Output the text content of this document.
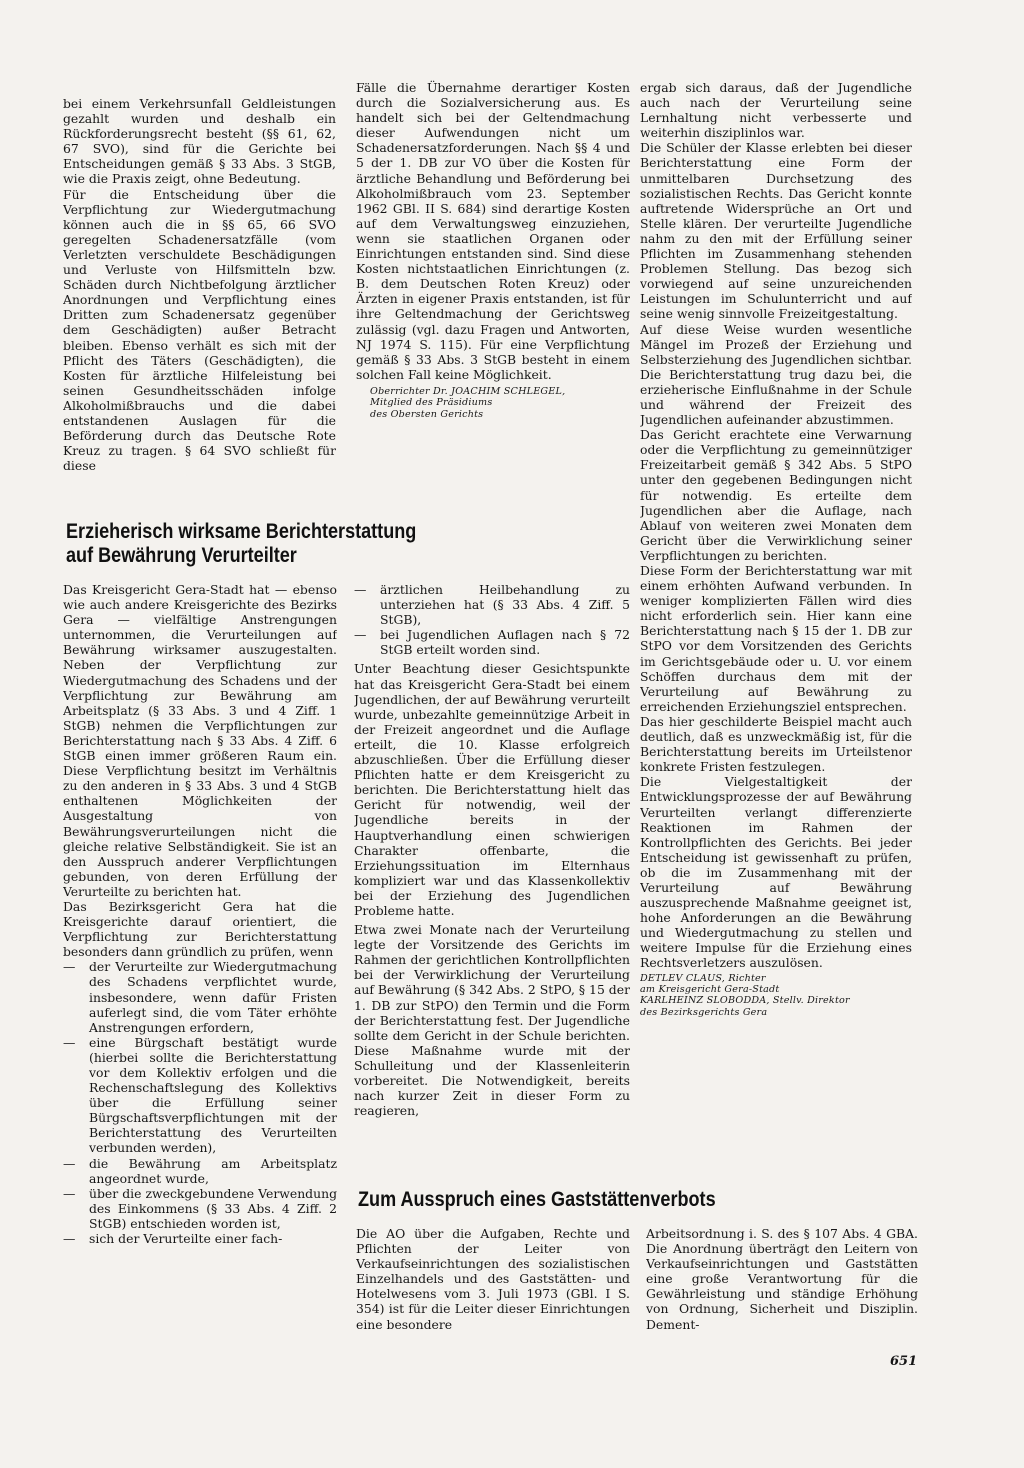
bei einem Verkehrsunfall Geldleistungen gezahlt wurden und deshalb ein Rückforderungsrecht besteht (§§ 61, 62, 67 SVO), sind für die Gerichte bei Entscheidungen gemäß § 33 Abs. 3 StGB, wie die Praxis zeigt, ohne Bedeutung.

Für die Entscheidung über die Verpflichtung zur Wiedergutmachung können auch die in §§ 65, 66 SVO geregelten Schadenersatzfälle (vom Verletzten verschuldete Beschädigungen und Verluste von Hilfsmitteln bzw. Schäden durch Nichtbefolgung ärztlicher Anordnungen und Verpflichtung eines Dritten zum Schadenersatz gegenüber dem Geschädigten) außer Betracht bleiben. Ebenso verhält es sich mit der Pflicht des Täters (Geschädigten), die Kosten für ärztliche Hilfeleistung bei seinen Gesundheitsschäden infolge Alkoholmißbrauchs und die dabei entstandenen Auslagen für die Beförderung durch das Deutsche Rote Kreuz zu tragen. § 64 SVO schließt für diese

Fälle die Übernahme derartiger Kosten durch die Sozialversicherung aus. Es handelt sich bei der Geltendmachung dieser Aufwendungen nicht um Schadenersatzforderungen. Nach §§ 4 und 5 der 1. DB zur VO über die Kosten für ärztliche Behandlung und Beförderung bei Alkoholmißbrauch vom 23. September 1962 GBl. II S. 684) sind derartige Kosten auf dem Verwaltungsweg einzuziehen, wenn sie staatlichen Organen oder Einrichtungen entstanden sind. Sind diese Kosten nichtstaatlichen Einrichtungen (z. B. dem Deutschen Roten Kreuz) oder Ärzten in eigener Praxis entstanden, ist für ihre Geltendmachung der Gerichtsweg zulässig (vgl. dazu Fragen und Antworten, NJ 1974 S. 115). Für eine Verpflichtung gemäß § 33 Abs. 3 StGB besteht in einem solchen Fall keine Möglichkeit.

Oberrichter Dr. JOACHIM SCHLEGEL,
Mitglied des Präsidiums
des Obersten Gerichts

ergab sich daraus, daß der Jugendliche auch nach der Verurteilung seine Lernhaltung nicht verbesserte und weiterhin disziplinlos war.

Die Schüler der Klasse erlebten bei dieser Berichterstattung eine Form der unmittelbaren Durchsetzung des sozialistischen Rechts. Das Gericht konnte auftretende Widersprüche an Ort und Stelle klären. Der verurteilte Jugendliche nahm zu den mit der Erfüllung seiner Pflichten im Zusammenhang stehenden Problemen Stellung. Das bezog sich vorwiegend auf seine unzureichenden Leistungen im Schulunterricht und auf seine wenig sinnvolle Freizeitgestaltung.

Auf diese Weise wurden wesentliche Mängel im Prozeß der Erziehung und Selbsterziehung des Jugendlichen sichtbar. Die Berichterstattung trug dazu bei, die erzieherische Einflußnahme in der Schule und während der Freizeit des Jugendlichen aufeinander abzustimmen.

Das Gericht erachtete eine Verwarnung oder die Verpflichtung zu gemeinnütziger Freizeitarbeit gemäß § 342 Abs. 5 StPO unter den gegebenen Bedingungen nicht für notwendig. Es erteilte dem Jugendlichen aber die Auflage, nach Ablauf von weiteren zwei Monaten dem Gericht über die Verwirklichung seiner Verpflichtungen zu berichten.

Diese Form der Berichterstattung war mit einem erhöhten Aufwand verbunden. In weniger komplizierten Fällen wird dies nicht erforderlich sein. Hier kann eine Berichterstattung nach § 15 der 1. DB zur StPO vor dem Vorsitzenden des Gerichts im Gerichtsgebäude oder u. U. vor einem Schöffen durchaus dem mit der Verurteilung auf Bewährung zu erreichenden Erziehungsziel entsprechen.

Das hier geschilderte Beispiel macht auch deutlich, daß es unzweckmäßig ist, für die Berichterstattung bereits im Urteilstenor konkrete Fristen festzulegen.

Die Vielgestaltigkeit der Entwicklungsprozesse der auf Bewährung Verurteilten verlangt differenzierte Reaktionen im Rahmen der Kontrollpflichten des Gerichts. Bei jeder Entscheidung ist gewissenhaft zu prüfen, ob die im Zusammenhang mit der Verurteilung auf Bewährung auszusprechende Maßnahme geeignet ist, hohe Anforderungen an die Bewährung und Wiedergutmachung zu stellen und weitere Impulse für die Erziehung eines Rechtsverletzers auszulösen.

DETLEV CLAUS, Richter
am Kreisgericht Gera-Stadt
KARLHEINZ SLOBODDA, Stellv. Direktor
des Bezirksgerichts Gera

Erzieherisch wirksame Berichterstattung
auf Bewährung Verurteilter

Das Kreisgericht Gera-Stadt hat — ebenso wie auch andere Kreisgerichte des Bezirks Gera — vielfältige Anstrengungen unternommen, die Verurteilungen auf Bewährung wirksamer auszugestalten. Neben der Verpflichtung zur Wiedergutmachung des Schadens und der Verpflichtung zur Bewährung am Arbeitsplatz (§ 33 Abs. 3 und 4 Ziff. 1 StGB) nehmen die Verpflichtungen zur Berichterstattung nach § 33 Abs. 4 Ziff. 6 StGB einen immer größeren Raum ein. Diese Verpflichtung besitzt im Verhältnis zu den anderen in § 33 Abs. 3 und 4 StGB enthaltenen Möglichkeiten der Ausgestaltung von Bewährungsverurteilungen nicht die gleiche relative Selbständigkeit. Sie ist an den Ausspruch anderer Verpflichtungen gebunden, von deren Erfüllung der Verurteilte zu berichten hat.

Das Bezirksgericht Gera hat die Kreisgerichte darauf orientiert, die Verpflichtung zur Berichterstattung besonders dann gründlich zu prüfen, wenn

— der Verurteilte zur Wiedergutmachung des Schadens verpflichtet wurde, insbesondere, wenn dafür Fristen auferlegt sind, die vom Täter erhöhte Anstrengungen erfordern,
— eine Bürgschaft bestätigt wurde (hierbei sollte die Berichterstattung vor dem Kollektiv erfolgen und die Rechenschaftslegung des Kollektivs über die Erfüllung seiner Bürgschaftsverpflichtungen mit der Berichterstattung des Verurteilten verbunden werden),
— die Bewährung am Arbeitsplatz angeordnet wurde,
— über die zweckgebundene Verwendung des Einkommens (§ 33 Abs. 4 Ziff. 2 StGB) entschieden worden ist,
— sich der Verurteilte einer fach-
— ärztlichen Heilbehandlung zu unterziehen hat (§ 33 Abs. 4 Ziff. 5 StGB),
— bei Jugendlichen Auflagen nach § 72 StGB erteilt worden sind.

Unter Beachtung dieser Gesichtspunkte hat das Kreisgericht Gera-Stadt bei einem Jugendlichen, der auf Bewährung verurteilt wurde, unbezahlte gemeinnützige Arbeit in der Freizeit angeordnet und die Auflage erteilt, die 10. Klasse erfolgreich abzuschließen. Über die Erfüllung dieser Pflichten hatte er dem Kreisgericht zu berichten. Die Berichterstattung hielt das Gericht für notwendig, weil der Jugendliche bereits in der Hauptverhandlung einen schwierigen Charakter offenbarte, die Erziehungssituation im Elternhaus kompliziert war und das Klassenkollektiv bei der Erziehung des Jugendlichen Probleme hatte.

Etwa zwei Monate nach der Verurteilung legte der Vorsitzende des Gerichts im Rahmen der gerichtlichen Kontrollpflichten bei der Verwirklichung der Verurteilung auf Bewährung (§ 342 Abs. 2 StPO, § 15 der 1. DB zur StPO) den Termin und die Form der Berichterstattung fest. Der Jugendliche sollte dem Gericht in der Schule berichten. Diese Maßnahme wurde mit der Schulleitung und der Klassenleiterin vorbereitet. Die Notwendigkeit, bereits nach kurzer Zeit in dieser Form zu reagieren,

Zum Ausspruch eines Gaststättenverbots

Die AO über die Aufgaben, Rechte und Pflichten der Leiter von Verkaufseinrichtungen des sozialistischen Einzelhandels und des Gaststätten- und Hotelwesens vom 3. Juli 1973 (GBl. I S. 354) ist für die Leiter dieser Einrichtungen eine besondere

Arbeitsordnung i. S. des § 107 Abs. 4 GBA. Die Anordnung überträgt den Leitern von Verkaufseinrichtungen und Gaststätten eine große Verantwortung für die Gewährleistung und ständige Erhöhung von Ordnung, Sicherheit und Disziplin. Dement-

651
